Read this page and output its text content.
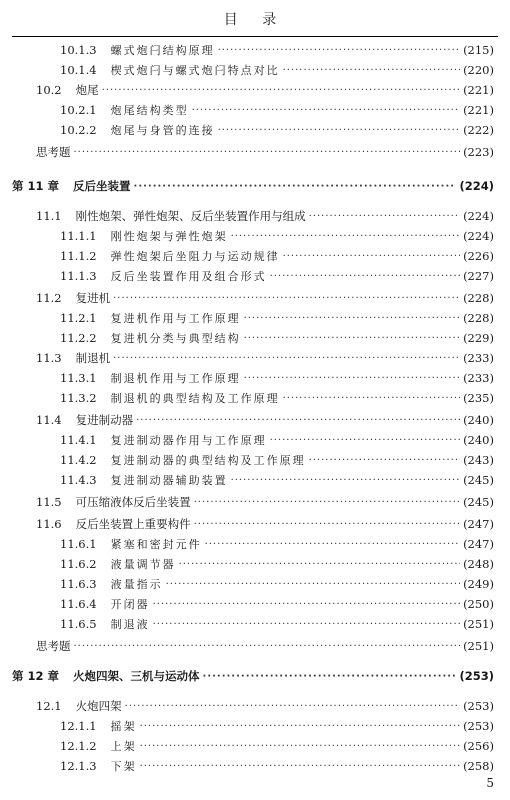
目 录
10.1.3 螺式炮闩结构原理 ·····	(215)
10.1.4 楔式炮闩与螺式炮闩特点对比 ·····	(220)
10.2 炮尾 ·····	(221)
10.2.1 炮尾结构类型 ·····	(221)
10.2.2 炮尾与身管的连接 ·····	(222)
思考题 ·····	(223)
第 11 章 反后坐装置 ·····	(224)
11.1 刚性炮架、弹性炮架、反后坐装置作用与组成 ·····	(224)
11.1.1 刚性炮架与弹性炮架 ·····	(224)
11.1.2 弹性炮架后坐阻力与运动规律 ·····	(226)
11.1.3 反后坐装置作用及组合形式 ·····	(227)
11.2 复进机 ·····	(228)
11.2.1 复进机作用与工作原理 ·····	(228)
11.2.2 复进机分类与典型结构 ·····	(229)
11.3 制退机 ·····	(233)
11.3.1 制退机作用与工作原理 ·····	(233)
11.3.2 制退机的典型结构及工作原理 ·····	(235)
11.4 复进制动器 ·····	(240)
11.4.1 复进制动器作用与工作原理 ·····	(240)
11.4.2 复进制动器的典型结构及工作原理 ·····	(243)
11.4.3 复进制动器辅助装置 ·····	(245)
11.5 可压缩液体反后坐装置 ·····	(245)
11.6 反后坐装置上重要构件 ·····	(247)
11.6.1 紧塞和密封元件 ·····	(247)
11.6.2 液量调节器 ·····	(248)
11.6.3 液量指示 ·····	(249)
11.6.4 开闭器 ·····	(250)
11.6.5 制退液 ·····	(251)
思考题 ·····	(251)
第 12 章 火炮四架、三机与运动体 ·····	(253)
12.1 火炮四架 ·····	(253)
12.1.1 摇架 ·····	(253)
12.1.2 上架 ·····	(256)
12.1.3 下架 ·····	(258)
5
